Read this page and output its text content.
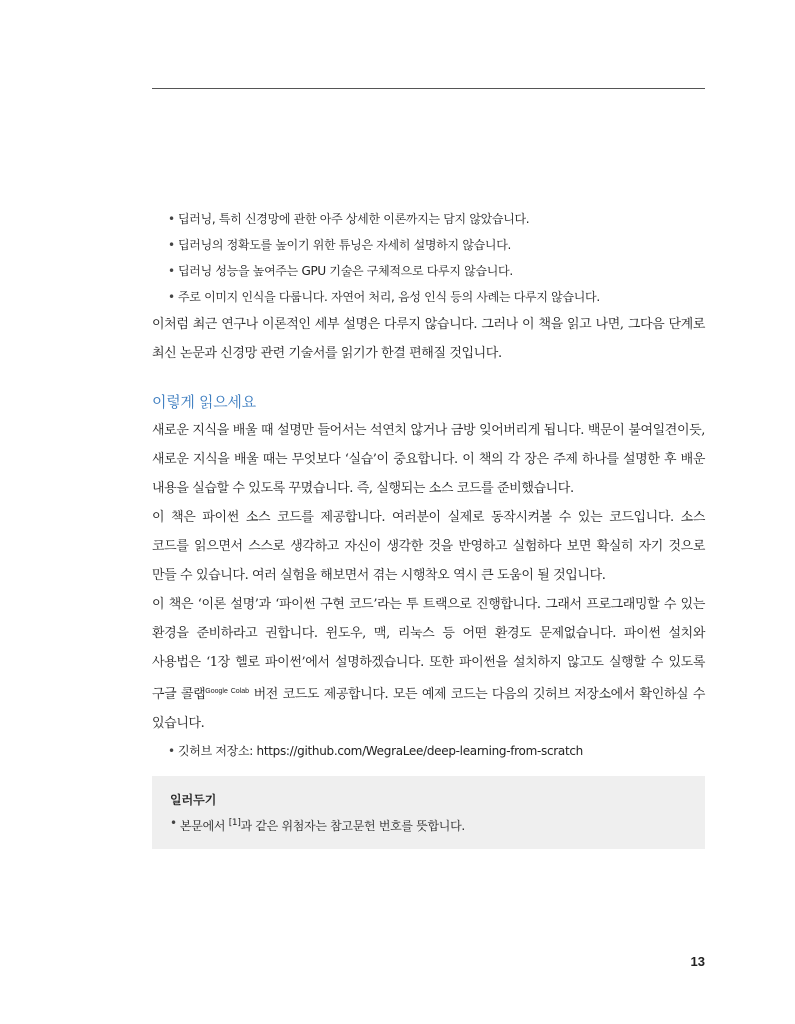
• 딥러닝, 특히 신경망에 관한 아주 상세한 이론까지는 담지 않았습니다.
• 딥러닝의 정확도를 높이기 위한 튜닝은 자세히 설명하지 않습니다.
• 딥러닝 성능을 높여주는 GPU 기술은 구체적으로 다루지 않습니다.
• 주로 이미지 인식을 다룹니다. 자연어 처리, 음성 인식 등의 사례는 다루지 않습니다.

이처럼 최근 연구나 이론적인 세부 설명은 다루지 않습니다. 그러나 이 책을 읽고 나면, 그다음 단계로 최신 논문과 신경망 관련 기술서를 읽기가 한결 편해질 것입니다.

이렇게 읽으세요

새로운 지식을 배울 때 설명만 들어서는 석연치 않거나 금방 잊어버리게 됩니다. 백문이 불여일견이듯, 새로운 지식을 배울 때는 무엇보다 ‘실습’이 중요합니다. 이 책의 각 장은 주제 하나를 설명한 후 배운 내용을 실습할 수 있도록 꾸몄습니다. 즉, 실행되는 소스 코드를 준비했습니다.

이 책은 파이썬 소스 코드를 제공합니다. 여러분이 실제로 동작시켜볼 수 있는 코드입니다. 소스 코드를 읽으면서 스스로 생각하고 자신이 생각한 것을 반영하고 실험하다 보면 확실히 자기 것으로 만들 수 있습니다. 여러 실험을 해보면서 겪는 시행착오 역시 큰 도움이 될 것입니다.

이 책은 ‘이론 설명’과 ‘파이썬 구현 코드’라는 투 트랙으로 진행합니다. 그래서 프로그래밍할 수 있는 환경을 준비하라고 권합니다. 윈도우, 맥, 리눅스 등 어떤 환경도 문제없습니다. 파이썬 설치와 사용법은 ‘1장 헬로 파이썬’에서 설명하겠습니다. 또한 파이썬을 설치하지 않고도 실행할 수 있도록 구글 콜랩$^{Google Colab}$ 버전 코드도 제공합니다. 모든 예제 코드는 다음의 깃허브 저장소에서 확인하실 수 있습니다.

• 깃허브 저장소: https://github.com/WegraLee/deep-learning-from-scratch
일러두기
• 본문에서 [1]과 같은 위첨자는 참고문헌 번호를 뜻합니다.
13
